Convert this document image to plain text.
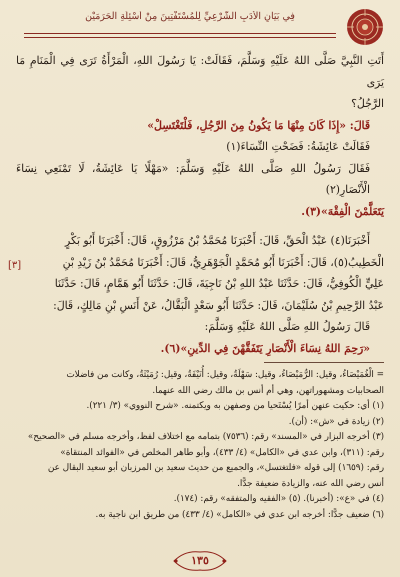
فِي بَيَانِ الْأَدَبِ الشَّرْعِيِّ لِلْمُسْتَفْتِينَ مِنْ أَسْئِلَةِ الْحَرَمَيْنِ
[٣]

أَتَتِ النَّبِيَّ صَلَّى اللهُ عَلَيْهِ وَسَلَّمَ، فَقَالَتْ: يَا رَسُولَ اللهِ، الْمَرْأَةُ تَرَى فِي الْمَنَامِ مَا يَرَى

الرَّجُلُ؟

قَالَ: «إِذَا كَانَ مِنْهَا مَا يَكُونُ مِنَ الرَّجُلِ، فَلْتَغْتَسِلْ»

فَقَالَتْ عَائِشَةُ: فَضَحْتِ النِّسَاءَ(١)

فَقَالَ رَسُولُ اللهِ صَلَّى اللهُ عَلَيْهِ وَسَلَّمَ: «مَهْلًا يَا عَائِشَةُ، لَا تَمْنَعِي نِسَاءَ الْأَنْصَارِ(٢)

يَتَعَلَّمْنَ الْفِقْهَ»(٣).

أَخْبَرَنَا(٤) عَبْدُ الْحَقِّ، قَالَ: أَخْبَرَنَا مُحَمَّدُ بْنُ مَرْزُوقٍ، قَالَ: أَخْبَرَنَا أَبُو بَكْرٍ

الْخَطِيبُ(٥)، قَالَ: أَخْبَرَنَا أَبُو مُحَمَّدٍ الْجَوْهَرِيُّ، قَالَ: أَخْبَرَنَا مُحَمَّدُ بْنُ زَيْدِ بْنِ

عَلِيٍّ الْكُوفِيُّ، قَالَ: حَدَّثَنَا عَبْدُ اللهِ بْنُ نَاجِيَةَ، قَالَ: حَدَّثَنَا أَبُو هَمَّامٍ، قَالَ: حَدَّثَنَا

عَبْدُ الرَّحِيمِ بْنُ سُلَيْمَانَ، قَالَ: حَدَّثَنَا أَبُو سَعْدٍ الْبَقَّالُ، عَنْ أَنَسِ بْنِ مَالِكٍ، قَالَ:

قَالَ رَسُولُ اللهِ صَلَّى اللهُ عَلَيْهِ وَسَلَّمَ:

«رَحِمَ اللهُ نِسَاءَ الْأَنْصَارِ يَتَفَقَّهْنَ فِي الدِّينِ»(٦).

= الْغُمَيْصَاءُ، وقيل: الرُّمَيْصَاءُ، وقيل: سَهْلَةُ، وقيل: أُنَيْفَةُ، وقيل: رُمَيْثَةُ، وكانت من فاضلات

الصحابيات ومشهوراتهن، وهي أم أنس بن مالك رضي الله عنهما.

(١) أي: حكيت عنهن أمرًا يُسْتَحيا من وصفهن به ويكتمنه. «شرح النووي» (٣/ ٢٢١).

(٢) زيادة في «ش»: (أن).

(٣) أخرجه البزار في «المسند» رقم: (٧٥٣٦) بتمامه مع اختلاف لفظ، وأخرجه مسلم في «الصحيح»

رقم: (٣١١)، وابن عدي في «الكامل» (٤/ ٤٣٣)، وأبو طاهر المخلص في «الفوائد المنتقاة»

رقم: (١٦٥٩) إلى قوله «فلتغتسل»، والجميع من حديث سعيد بن المرزبان أبو سعيد البقال عن

أنس رضي الله عنه، والزيادة ضعيفة جدًّا.

(٤) في «ع»: (أخبرنا). (٥) «الفقيه والمتفقه» رقم: (١٧٤).

(٦) ضعيف جدًّا: أخرجه ابن عدي في «الكامل» (٤/ ٤٣٣) من طريق ابن ناجية به.

١٣٥
